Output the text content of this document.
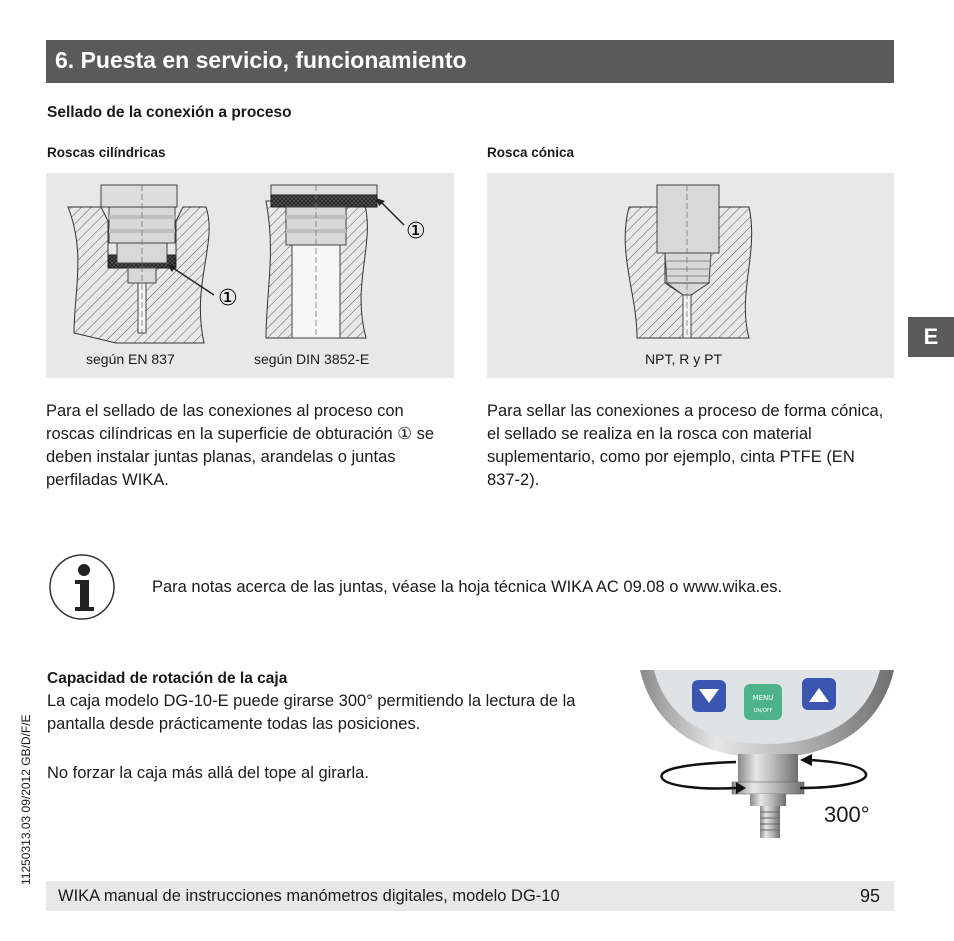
6. Puesta en servicio, funcionamiento
Sellado de la conexión a proceso
Roscas cilíndricas	Rosca cónica
①
①
según EN 837	según DIN 3852-E	NPT, R y PT
Para el sellado de las conexiones al proceso con roscas cilíndricas en la superficie de obturación ① se deben instalar juntas planas, arandelas o juntas perfiladas WIKA.
Para sellar las conexiones a proceso de forma cónica, el sellado se realiza en la rosca con material suplementario, como por ejemplo, cinta PTFE (EN 837-2).
Para notas acerca de las juntas, véase la hoja técnica WIKA AC 09.08 o www.wika.es.
Capacidad de rotación de la caja
La caja modelo DG-10-E puede girarse 300° permitiendo la lectura de la pantalla desde prácticamente todas las posiciones.
No forzar la caja más allá del tope al girarla.
MENU
ON/OFF
300°
E
11250313.03 09/2012 GB/D/F/E
WIKA manual de instrucciones manómetros digitales, modelo DG-10	95
